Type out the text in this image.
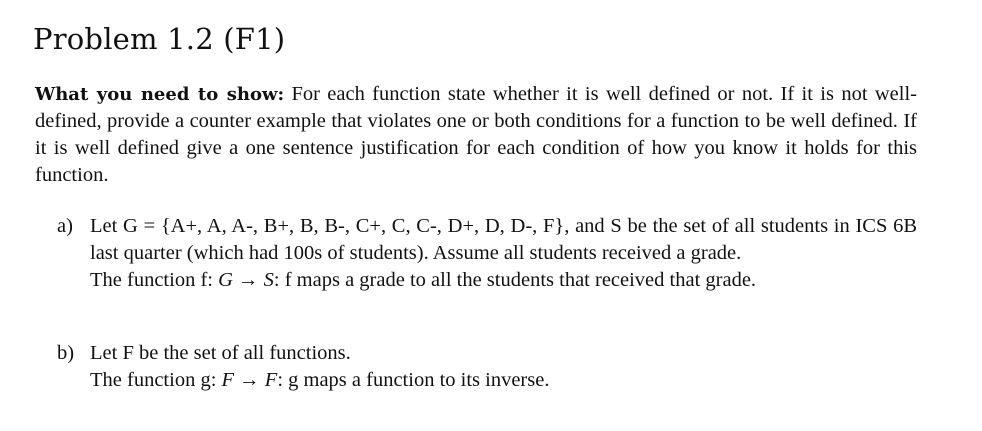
Problem 1.2 (F1)

What you need to show: For each function state whether it is well defined or not. If it is not well-defined, provide a counter example that violates one or both conditions for a function to be well defined. If it is well defined give a one sentence justification for each condition of how you know it holds for this function.

a) Let G = {A+, A, A-, B+, B, B-, C+, C, C-, D+, D, D-, F}, and S be the set of all students in ICS 6B last quarter (which had 100s of students). Assume all students received a grade.

The function f: G → S: f maps a grade to all the students that received that grade.

b) Let F be the set of all functions.

The function g: F → F: g maps a function to its inverse.
